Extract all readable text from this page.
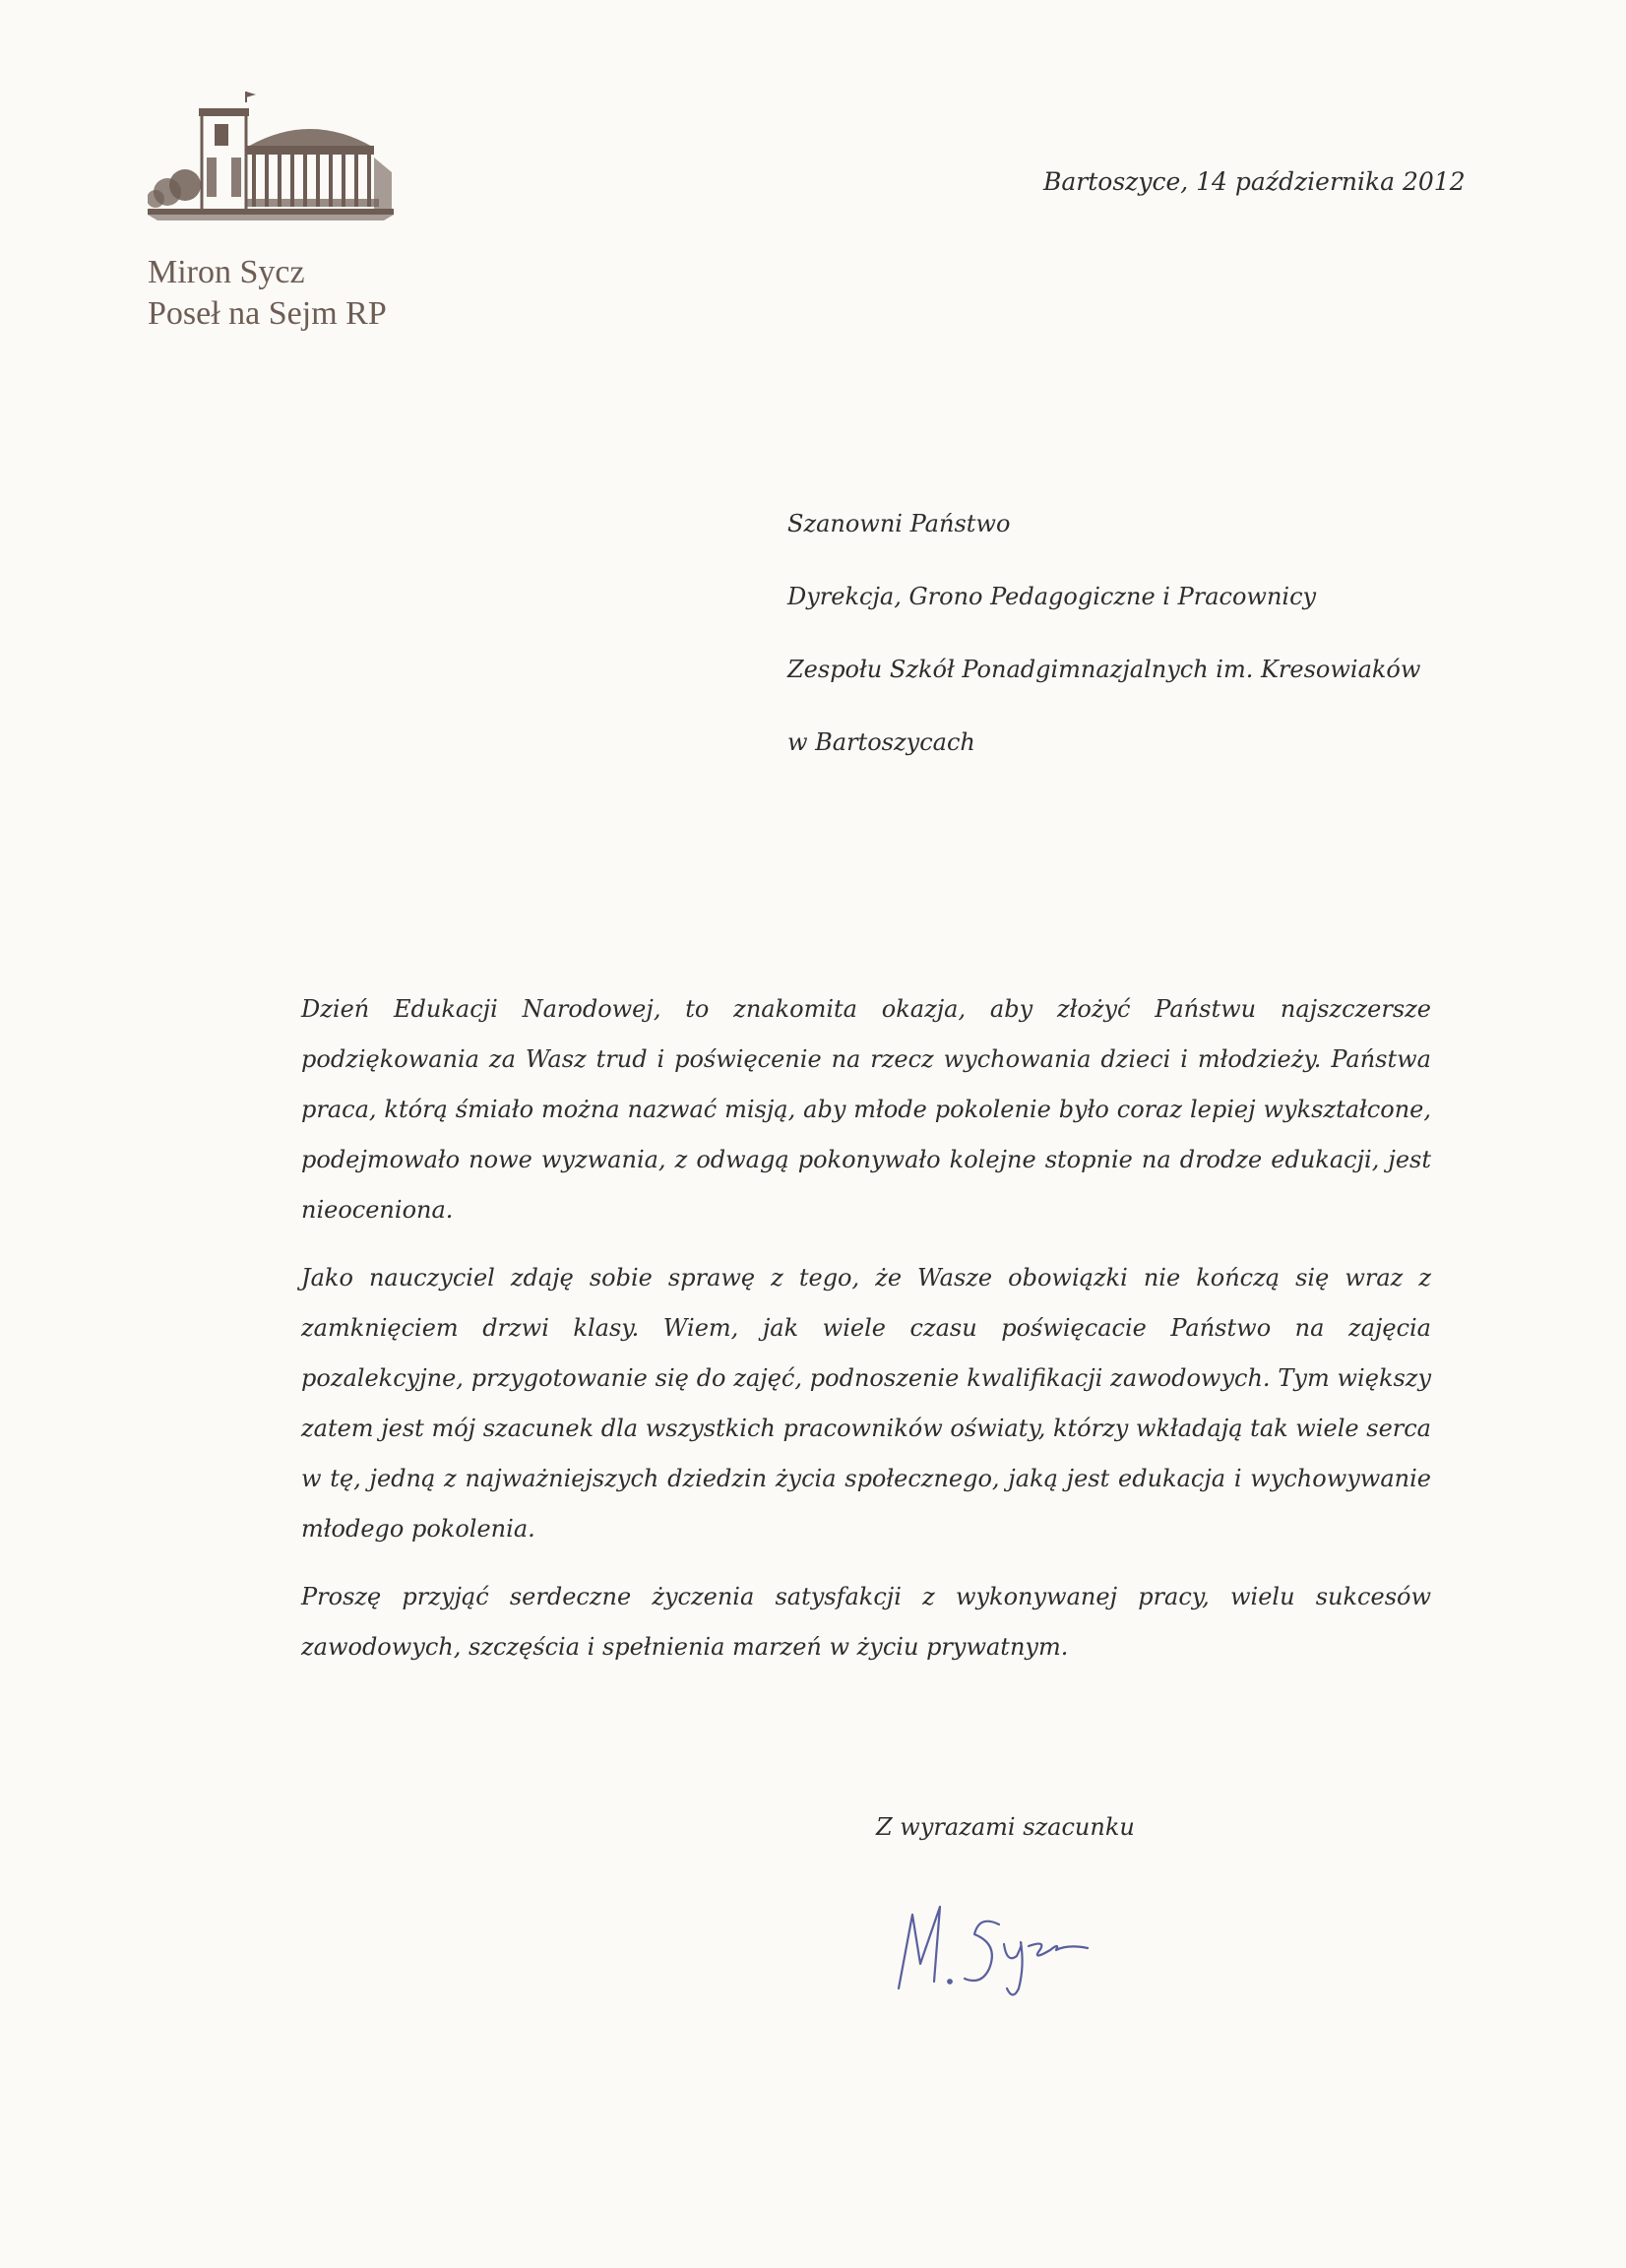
Miron Sycz
Poseł na Sejm RP
Bartoszyce, 14 października 2012
Szanowni Państwo
Dyrekcja, Grono Pedagogiczne i Pracownicy
Zespołu Szkół Ponadgimnazjalnych im. Kresowiaków
w Bartoszycach

Dzień Edukacji Narodowej, to znakomita okazja, aby złożyć Państwu najszczersze podziękowania za Wasz trud i poświęcenie na rzecz wychowania dzieci i młodzieży. Państwa praca, którą śmiało można nazwać misją, aby młode pokolenie było coraz lepiej wykształcone, podejmowało nowe wyzwania, z odwagą pokonywało kolejne stopnie na drodze edukacji, jest nieoceniona.

Jako nauczyciel zdaję sobie sprawę z tego, że Wasze obowiązki nie kończą się wraz z zamknięciem drzwi klasy. Wiem, jak wiele czasu poświęcacie Państwo na zajęcia pozalekcyjne, przygotowanie się do zajęć, podnoszenie kwalifikacji zawodowych. Tym większy zatem jest mój szacunek dla wszystkich pracowników oświaty, którzy wkładają tak wiele serca w tę, jedną z najważniejszych dziedzin życia społecznego, jaką jest edukacja i wychowywanie młodego pokolenia.

Proszę przyjąć serdeczne życzenia satysfakcji z wykonywanej pracy, wielu sukcesów zawodowych, szczęścia i spełnienia marzeń w życiu prywatnym.

Z wyrazami szacunku
